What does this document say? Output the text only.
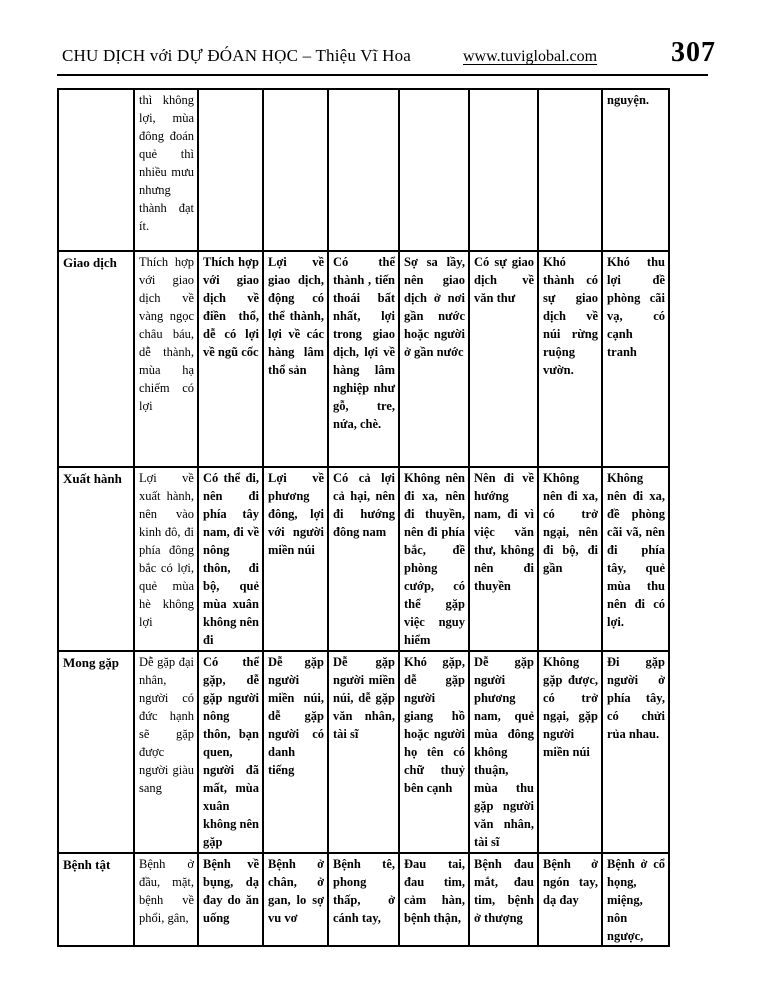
CHU DỊCH với DỰ ĐÓAN HỌC – Thiệu Vĩ Hoa	www.tuviglobal.com	307
	thì không lợi, mùa đông đoán quẻ thì nhiều mưu nhưng thành đạt ít.							nguyện.
Giao dịch	Thích hợp với giao dịch về vàng ngọc châu báu, dễ thành, mùa hạ chiếm có lợi	Thích hợp với giao dịch về điền thổ, dễ có lợi về ngũ cốc	Lợi về giao dịch, động có thể thành, lợi về các hàng lâm thổ sản	Có thể thành , tiến thoái bất nhất, lợi trong giao dịch, lợi về hàng lâm nghiệp như gỗ, tre, nứa, chè.	Sợ sa lầy, nên giao dịch ở nơi gần nước hoặc người ở gần nước	Có sự giao dịch về văn thư	Khó thành có sự giao dịch về núi rừng ruộng vườn.	Khó thu lợi đề phòng cãi vạ, có cạnh tranh
Xuất hành	Lợi về xuất hành, nên vào kinh đô, đi phía đông bắc có lợi, quẻ mùa hè không lợi	Có thể đi, nên đi phía tây nam, đi về nông thôn, đi bộ, quẻ mùa xuân không nên đi	Lợi về phương đông, lợi với người miền núi	Có cả lợi cả hại, nên đi hướng đông nam	Không nên đi xa, nên đi thuyền, nên đi phía bắc, đề phòng cướp, có thể gặp việc nguy hiểm	Nên đi về hướng nam, đi vì việc văn thư, không nên đi thuyền	Không nên đi xa, có trở ngại, nên đi bộ, đi gần	Không nên đi xa, đề phòng cãi vã, nên đi phía tây, quẻ mùa thu nên đi có lợi.
Mong gặp	Dễ gặp đại nhân, người có đức hạnh sẽ gặp được người giàu sang	Có thể gặp, dễ gặp người nông thôn, bạn quen, người đã mất, mùa xuân không nên gặp	Dễ gặp người miền núi, dễ gặp người có danh tiếng	Dễ gặp người miền núi, dễ gặp văn nhân, tài sĩ	Khó gặp, dễ gặp người giang hồ hoặc người họ tên có chữ thuỷ bên cạnh	Dễ gặp người phương nam, quẻ mùa đông không thuận, mùa thu gặp người văn nhân, tài sĩ	Không gặp được, có trở ngại, gặp người miền núi	Đi gặp người ở phía tây, có chửi rủa nhau.
Bệnh tật	Bệnh ở đầu, mặt, bệnh về phổi, gân,	Bệnh về bụng, dạ đay do ăn uống	Bệnh ở chân, ở gan, lo sợ vu vơ	Bệnh tê, phong thấp, ở cánh tay,	Đau tai, đau tim, cảm hàn, bệnh thận,	Bệnh đau mắt, đau tim, bệnh ở thượng	Bệnh ở ngón tay, dạ đay	Bệnh ở cổ họng, miệng, nôn ngược,
